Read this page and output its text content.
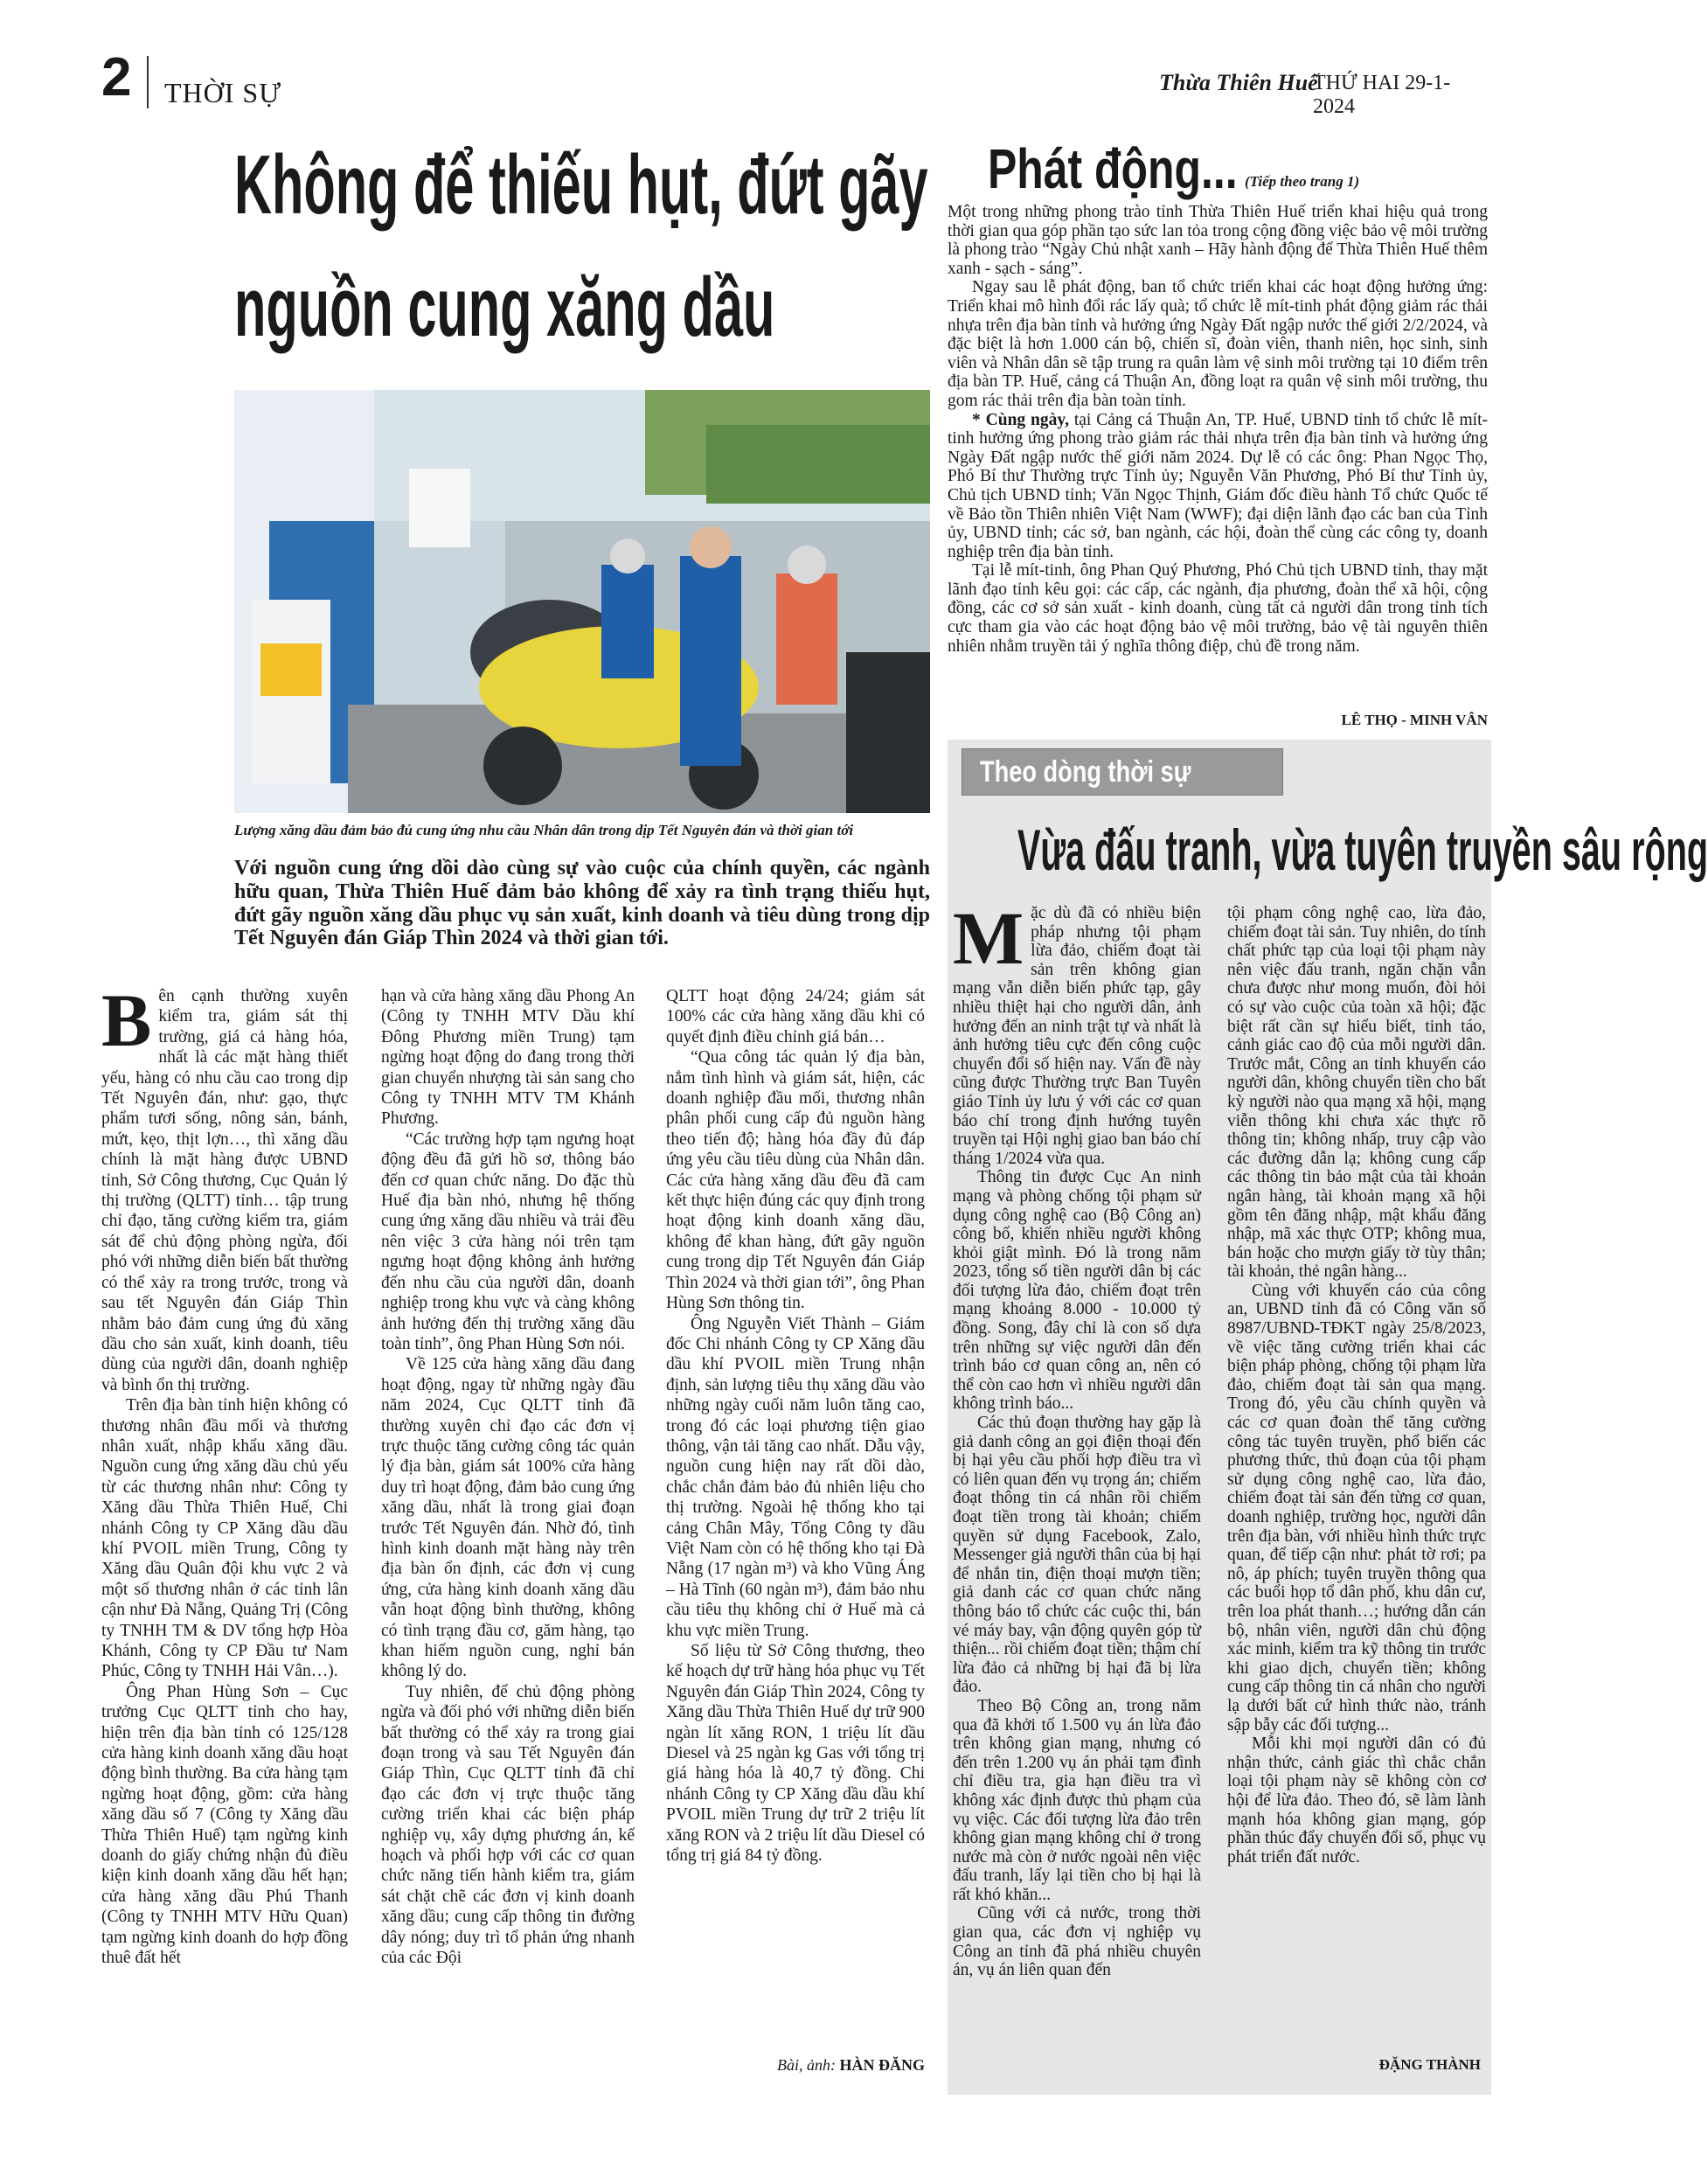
2 THỜI SỰ	Thừa Thiên Huế
THỨ HAI 29-1-2024
Không để thiếu hụt, đứt gãy
nguồn cung xăng dầu
Lượng xăng dầu đảm bảo đủ cung ứng nhu cầu Nhân dân trong dịp Tết Nguyên đán và thời gian tới
Với nguồn cung ứng dồi dào cùng sự vào cuộc của chính quyền, các ngành hữu quan, Thừa Thiên Huế đảm bảo không để xảy ra tình trạng thiếu hụt, đứt gãy nguồn xăng dầu phục vụ sản xuất, kinh doanh và tiêu dùng trong dịp Tết Nguyên đán Giáp Thìn 2024 và thời gian tới.

Bên cạnh thường xuyên kiểm tra, giám sát thị trường, giá cả hàng hóa, nhất là các mặt hàng thiết yếu, hàng có nhu cầu cao trong dịp Tết Nguyên đán, như: gạo, thực phẩm tươi sống, nông sản, bánh, mứt, kẹo, thịt lợn…, thì xăng dầu chính là mặt hàng được UBND tỉnh, Sở Công thương, Cục Quản lý thị trường (QLTT) tỉnh… tập trung chỉ đạo, tăng cường kiểm tra, giám sát để chủ động phòng ngừa, đối phó với những diễn biến bất thường có thể xảy ra trong trước, trong và sau tết Nguyên đán Giáp Thìn nhằm bảo đảm cung ứng đủ xăng dầu cho sản xuất, kinh doanh, tiêu dùng của người dân, doanh nghiệp và bình ổn thị trường.

Trên địa bàn tỉnh hiện không có thương nhân đầu mối và thương nhân xuất, nhập khẩu xăng dầu. Nguồn cung ứng xăng dầu chủ yếu từ các thương nhân như: Công ty Xăng dầu Thừa Thiên Huế, Chi nhánh Công ty CP Xăng dầu dầu khí PVOIL miền Trung, Công ty Xăng dầu Quân đội khu vực 2 và một số thương nhân ở các tỉnh lân cận như Đà Nẵng, Quảng Trị (Công ty TNHH TM & DV tổng hợp Hòa Khánh, Công ty CP Đầu tư Nam Phúc, Công ty TNHH Hải Vân…).

Ông Phan Hùng Sơn – Cục trưởng Cục QLTT tỉnh cho hay, hiện trên địa bàn tỉnh có 125/128 cửa hàng kinh doanh xăng dầu hoạt động bình thường. Ba cửa hàng tạm ngừng hoạt động, gồm: cửa hàng xăng dầu số 7 (Công ty Xăng dầu Thừa Thiên Huế) tạm ngừng kinh doanh do giấy chứng nhận đủ điều kiện kinh doanh xăng dầu hết hạn; cửa hàng xăng dầu Phú Thanh (Công ty TNHH MTV Hữu Quan) tạm ngừng kinh doanh do hợp đồng thuê đất hết

hạn và cửa hàng xăng dầu Phong An (Công ty TNHH MTV Dầu khí Đông Phương miền Trung) tạm ngừng hoạt động do đang trong thời gian chuyển nhượng tài sản sang cho Công ty TNHH MTV TM Khánh Phương.

“Các trường hợp tạm ngưng hoạt động đều đã gửi hồ sơ, thông báo đến cơ quan chức năng. Do đặc thù Huế địa bàn nhỏ, nhưng hệ thống cung ứng xăng dầu nhiều và trải đều nên việc 3 cửa hàng nói trên tạm ngưng hoạt động không ảnh hưởng đến nhu cầu của người dân, doanh nghiệp trong khu vực và càng không ảnh hưởng đến thị trường xăng dầu toàn tỉnh”, ông Phan Hùng Sơn nói.

Về 125 cửa hàng xăng dầu đang hoạt động, ngay từ những ngày đầu năm 2024, Cục QLTT tỉnh đã thường xuyên chỉ đạo các đơn vị trực thuộc tăng cường công tác quản lý địa bàn, giám sát 100% cửa hàng duy trì hoạt động, đảm bảo cung ứng xăng dầu, nhất là trong giai đoạn trước Tết Nguyên đán. Nhờ đó, tình hình kinh doanh mặt hàng này trên địa bàn ổn định, các đơn vị cung ứng, cửa hàng kinh doanh xăng dầu vẫn hoạt động bình thường, không có tình trạng đầu cơ, găm hàng, tạo khan hiếm nguồn cung, nghỉ bán không lý do.

Tuy nhiên, để chủ động phòng ngừa và đối phó với những diễn biến bất thường có thể xảy ra trong giai đoạn trong và sau Tết Nguyên đán Giáp Thìn, Cục QLTT tỉnh đã chỉ đạo các đơn vị trực thuộc tăng cường triển khai các biện pháp nghiệp vụ, xây dựng phương án, kế hoạch và phối hợp với các cơ quan chức năng tiến hành kiểm tra, giám sát chặt chẽ các đơn vị kinh doanh xăng dầu; cung cấp thông tin đường dây nóng; duy trì tổ phản ứng nhanh của các Đội

QLTT hoạt động 24/24; giám sát 100% các cửa hàng xăng dầu khi có quyết định điều chỉnh giá bán…

“Qua công tác quản lý địa bàn, nắm tình hình và giám sát, hiện, các doanh nghiệp đầu mối, thương nhân phân phối cung cấp đủ nguồn hàng theo tiến độ; hàng hóa đầy đủ đáp ứng yêu cầu tiêu dùng của Nhân dân. Các cửa hàng xăng dầu đều đã cam kết thực hiện đúng các quy định trong hoạt động kinh doanh xăng dầu, không để khan hàng, đứt gãy nguồn cung trong dịp Tết Nguyên đán Giáp Thìn 2024 và thời gian tới”, ông Phan Hùng Sơn thông tin.

Ông Nguyễn Viết Thành – Giám đốc Chi nhánh Công ty CP Xăng dầu dầu khí PVOIL miền Trung nhận định, sản lượng tiêu thụ xăng dầu vào những ngày cuối năm luôn tăng cao, trong đó các loại phương tiện giao thông, vận tải tăng cao nhất. Dẫu vậy, nguồn cung hiện nay rất dồi dào, chắc chắn đảm bảo đủ nhiên liệu cho thị trường. Ngoài hệ thống kho tại cảng Chân Mây, Tổng Công ty dầu Việt Nam còn có hệ thống kho tại Đà Nẵng (17 ngàn m³) và kho Vũng Áng – Hà Tĩnh (60 ngàn m³), đảm bảo nhu cầu tiêu thụ không chỉ ở Huế mà cả khu vực miền Trung.

Số liệu từ Sở Công thương, theo kế hoạch dự trữ hàng hóa phục vụ Tết Nguyên đán Giáp Thìn 2024, Công ty Xăng dầu Thừa Thiên Huế dự trữ 900 ngàn lít xăng RON, 1 triệu lít dầu Diesel và 25 ngàn kg Gas với tổng trị giá hàng hóa là 40,7 tỷ đồng. Chi nhánh Công ty CP Xăng dầu dầu khí PVOIL miền Trung dự trữ 2 triệu lít xăng RON và 2 triệu lít dầu Diesel có tổng trị giá 84 tỷ đồng.

Bài, ảnh: HÀN ĐĂNG
Phát động... (Tiếp theo trang 1)

Một trong những phong trào tỉnh Thừa Thiên Huế triển khai hiệu quả trong thời gian qua góp phần tạo sức lan tỏa trong cộng đồng việc bảo vệ môi trường là phong trào “Ngày Chủ nhật xanh – Hãy hành động để Thừa Thiên Huế thêm xanh - sạch - sáng”.

Ngay sau lễ phát động, ban tổ chức triển khai các hoạt động hưởng ứng: Triển khai mô hình đổi rác lấy quà; tổ chức lễ mít-tinh phát động giảm rác thải nhựa trên địa bàn tỉnh và hưởng ứng Ngày Đất ngập nước thế giới 2/2/2024, và đặc biệt là hơn 1.000 cán bộ, chiến sĩ, đoàn viên, thanh niên, học sinh, sinh viên và Nhân dân sẽ tập trung ra quân làm vệ sinh môi trường tại 10 điểm trên địa bàn TP. Huế, cảng cá Thuận An, đồng loạt ra quân vệ sinh môi trường, thu gom rác thải trên địa bàn toàn tỉnh.

* Cùng ngày, tại Cảng cá Thuận An, TP. Huế, UBND tỉnh tổ chức lễ mít-tinh hưởng ứng phong trào giảm rác thải nhựa trên địa bàn tỉnh và hưởng ứng Ngày Đất ngập nước thế giới năm 2024. Dự lễ có các ông: Phan Ngọc Thọ, Phó Bí thư Thường trực Tỉnh ủy; Nguyễn Văn Phương, Phó Bí thư Tỉnh ủy, Chủ tịch UBND tỉnh; Văn Ngọc Thịnh, Giám đốc điều hành Tổ chức Quốc tế về Bảo tồn Thiên nhiên Việt Nam (WWF); đại diện lãnh đạo các ban của Tỉnh ủy, UBND tỉnh; các sở, ban ngành, các hội, đoàn thể cùng các công ty, doanh nghiệp trên địa bàn tỉnh.

Tại lễ mít-tinh, ông Phan Quý Phương, Phó Chủ tịch UBND tỉnh, thay mặt lãnh đạo tỉnh kêu gọi: các cấp, các ngành, địa phương, đoàn thể xã hội, cộng đồng, các cơ sở sản xuất - kinh doanh, cùng tất cả người dân trong tỉnh tích cực tham gia vào các hoạt động bảo vệ môi trường, bảo vệ tài nguyên thiên nhiên nhằm truyền tải ý nghĩa thông điệp, chủ đề trong năm.

LÊ THỌ - MINH VÂN
Theo dòng thời sự
Vừa đấu tranh, vừa tuyên truyền sâu rộng

Mặc dù đã có nhiều biện pháp nhưng tội phạm lừa đảo, chiếm đoạt tài sản trên không gian mạng vẫn diễn biến phức tạp, gây nhiều thiệt hại cho người dân, ảnh hưởng đến an ninh trật tự và nhất là ảnh hưởng tiêu cực đến công cuộc chuyển đổi số hiện nay. Vấn đề này cũng được Thường trực Ban Tuyên giáo Tỉnh ủy lưu ý với các cơ quan báo chí trong định hướng tuyên truyền tại Hội nghị giao ban báo chí tháng 1/2024 vừa qua.

Thông tin được Cục An ninh mạng và phòng chống tội phạm sử dụng công nghệ cao (Bộ Công an) công bố, khiến nhiều người không khỏi giật mình. Đó là trong năm 2023, tổng số tiền người dân bị các đối tượng lừa đảo, chiếm đoạt trên mạng khoảng 8.000 - 10.000 tỷ đồng. Song, đây chỉ là con số dựa trên những sự việc người dân đến trình báo cơ quan công an, nên có thể còn cao hơn vì nhiều người dân không trình báo...

Các thủ đoạn thường hay gặp là giả danh công an gọi điện thoại đến bị hại yêu cầu phối hợp điều tra vì có liên quan đến vụ trọng án; chiếm đoạt thông tin cá nhân rồi chiếm đoạt tiền trong tài khoản; chiếm quyền sử dụng Facebook, Zalo, Messenger giả người thân của bị hại để nhắn tin, điện thoại mượn tiền; giả danh các cơ quan chức năng thông báo tổ chức các cuộc thi, bán vé máy bay, vận động quyên góp từ thiện... rồi chiếm đoạt tiền; thậm chí lừa đảo cả những bị hại đã bị lừa đảo.

Theo Bộ Công an, trong năm qua đã khởi tố 1.500 vụ án lừa đảo trên không gian mạng, nhưng có đến trên 1.200 vụ án phải tạm đình chỉ điều tra, gia hạn điều tra vì không xác định được thủ phạm của vụ việc. Các đối tượng lừa đảo trên không gian mạng không chỉ ở trong nước mà còn ở nước ngoài nên việc đấu tranh, lấy lại tiền cho bị hại là rất khó khăn...

Cũng với cả nước, trong thời gian qua, các đơn vị nghiệp vụ Công an tỉnh đã phá nhiều chuyên án, vụ án liên quan đến

tội phạm công nghệ cao, lừa đảo, chiếm đoạt tài sản. Tuy nhiên, do tính chất phức tạp của loại tội phạm này nên việc đấu tranh, ngăn chặn vẫn chưa được như mong muốn, đòi hỏi có sự vào cuộc của toàn xã hội; đặc biệt rất cần sự hiểu biết, tinh táo, cảnh giác cao độ của mỗi người dân. Trước mắt, Công an tỉnh khuyến cáo người dân, không chuyển tiền cho bất kỳ người nào qua mạng xã hội, mạng viễn thông khi chưa xác thực rõ thông tin; không nhấp, truy cập vào các đường dẫn lạ; không cung cấp các thông tin bảo mật của tài khoản ngân hàng, tài khoản mạng xã hội gồm tên đăng nhập, mật khẩu đăng nhập, mã xác thực OTP; không mua, bán hoặc cho mượn giấy tờ tùy thân; tài khoản, thẻ ngân hàng...

Cùng với khuyến cáo của công an, UBND tỉnh đã có Công văn số 8987/UBND-TĐKT ngày 25/8/2023, về việc tăng cường triển khai các biện pháp phòng, chống tội phạm lừa đảo, chiếm đoạt tài sản qua mạng. Trong đó, yêu cầu chính quyền và các cơ quan đoàn thể tăng cường công tác tuyên truyền, phổ biến các phương thức, thủ đoạn của tội phạm sử dụng công nghệ cao, lừa đảo, chiếm đoạt tài sản đến từng cơ quan, doanh nghiệp, trường học, người dân trên địa bàn, với nhiều hình thức trực quan, để tiếp cận như: phát tờ rơi; pa nô, áp phích; tuyên truyền thông qua các buổi họp tổ dân phố, khu dân cư, trên loa phát thanh…; hướng dẫn cán bộ, nhân viên, người dân chủ động xác minh, kiểm tra kỹ thông tin trước khi giao dịch, chuyển tiền; không cung cấp thông tin cá nhân cho người lạ dưới bất cứ hình thức nào, tránh sập bẫy các đối tượng...

Mỗi khi mọi người dân có đủ nhận thức, cảnh giác thì chắc chắn loại tội phạm này sẽ không còn cơ hội để lừa đảo. Theo đó, sẽ làm lành mạnh hóa không gian mạng, góp phần thúc đẩy chuyển đổi số, phục vụ phát triển đất nước.

ĐẶNG THÀNH
